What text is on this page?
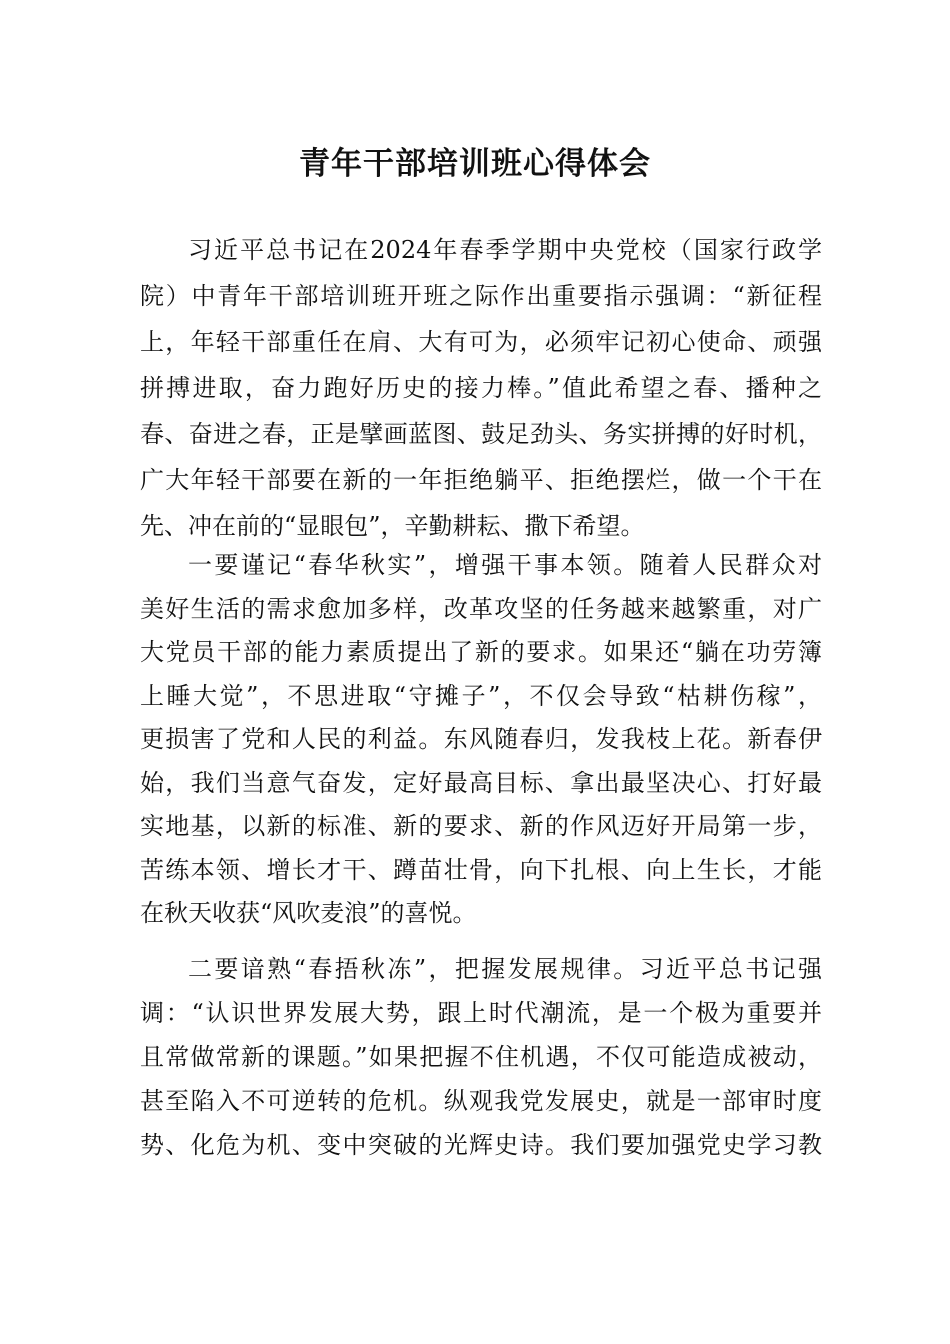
青年干部培训班心得体会
习近平总书记在2024年春季学期中央党校（国家行政学
院）中青年干部培训班开班之际作出重要指示强调：“新征程
上，年轻干部重任在肩、大有可为，必须牢记初心使命、顽强
拼搏进取，奋力跑好历史的接力棒。”值此希望之春、播种之
春、奋进之春，正是擘画蓝图、鼓足劲头、务实拼搏的好时机，
广大年轻干部要在新的一年拒绝躺平、拒绝摆烂，做一个干在
先、冲在前的“显眼包”，辛勤耕耘、撒下希望。
一要谨记“春华秋实”，增强干事本领。随着人民群众对
美好生活的需求愈加多样，改革攻坚的任务越来越繁重，对广
大党员干部的能力素质提出了新的要求。如果还“躺在功劳簿
上睡大觉”，不思进取“守摊子”，不仅会导致“枯耕伤稼”，
更损害了党和人民的利益。东风随春归，发我枝上花。新春伊
始，我们当意气奋发，定好最高目标、拿出最坚决心、打好最
实地基，以新的标准、新的要求、新的作风迈好开局第一步，
苦练本领、增长才干、蹲苗壮骨，向下扎根、向上生长，才能
在秋天收获“风吹麦浪”的喜悦。
二要谙熟“春捂秋冻”，把握发展规律。习近平总书记强
调：“认识世界发展大势，跟上时代潮流，是一个极为重要并
且常做常新的课题。”如果把握不住机遇，不仅可能造成被动，
甚至陷入不可逆转的危机。纵观我党发展史，就是一部审时度
势、化危为机、变中突破的光辉史诗。我们要加强党史学习教
